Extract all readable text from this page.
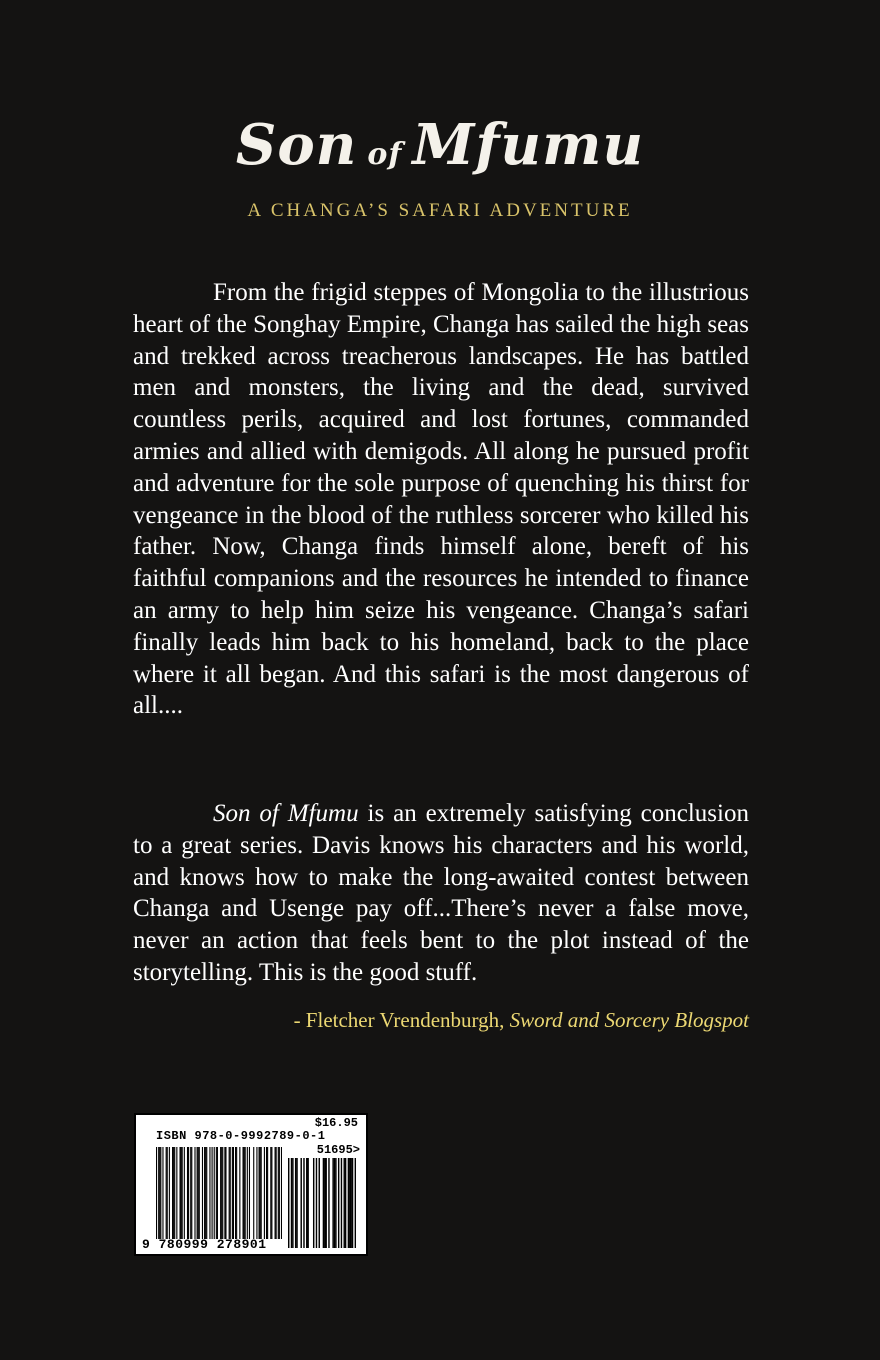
Son of Mfumu
A CHANGA’S SAFARI ADVENTURE

From the frigid steppes of Mongolia to the illustrious heart of the Songhay Empire, Changa has sailed the high seas and trekked across treacherous landscapes. He has battled men and monsters, the living and the dead, survived countless perils, acquired and lost fortunes, commanded armies and allied with demigods. All along he pursued profit and adventure for the sole purpose of quenching his thirst for vengeance in the blood of the ruthless sorcerer who killed his father. Now, Changa finds himself alone, bereft of his faithful companions and the resources he intended to finance an army to help him seize his vengeance. Changa’s safari finally leads him back to his homeland, back to the place where it all began. And this safari is the most dangerous of all....

Son of Mfumu is an extremely satisfying conclusion to a great series. Davis knows his characters and his world, and knows how to make the long-awaited contest between Changa and Usenge pay off...There’s never a false move, never an action that feels bent to the plot instead of the storytelling. This is the good stuff.

- Fletcher Vrendenburgh, Sword and Sorcery Blogspot
$16.95
ISBN 978-0-9992789-0-1
51695>
9 780999 278901
